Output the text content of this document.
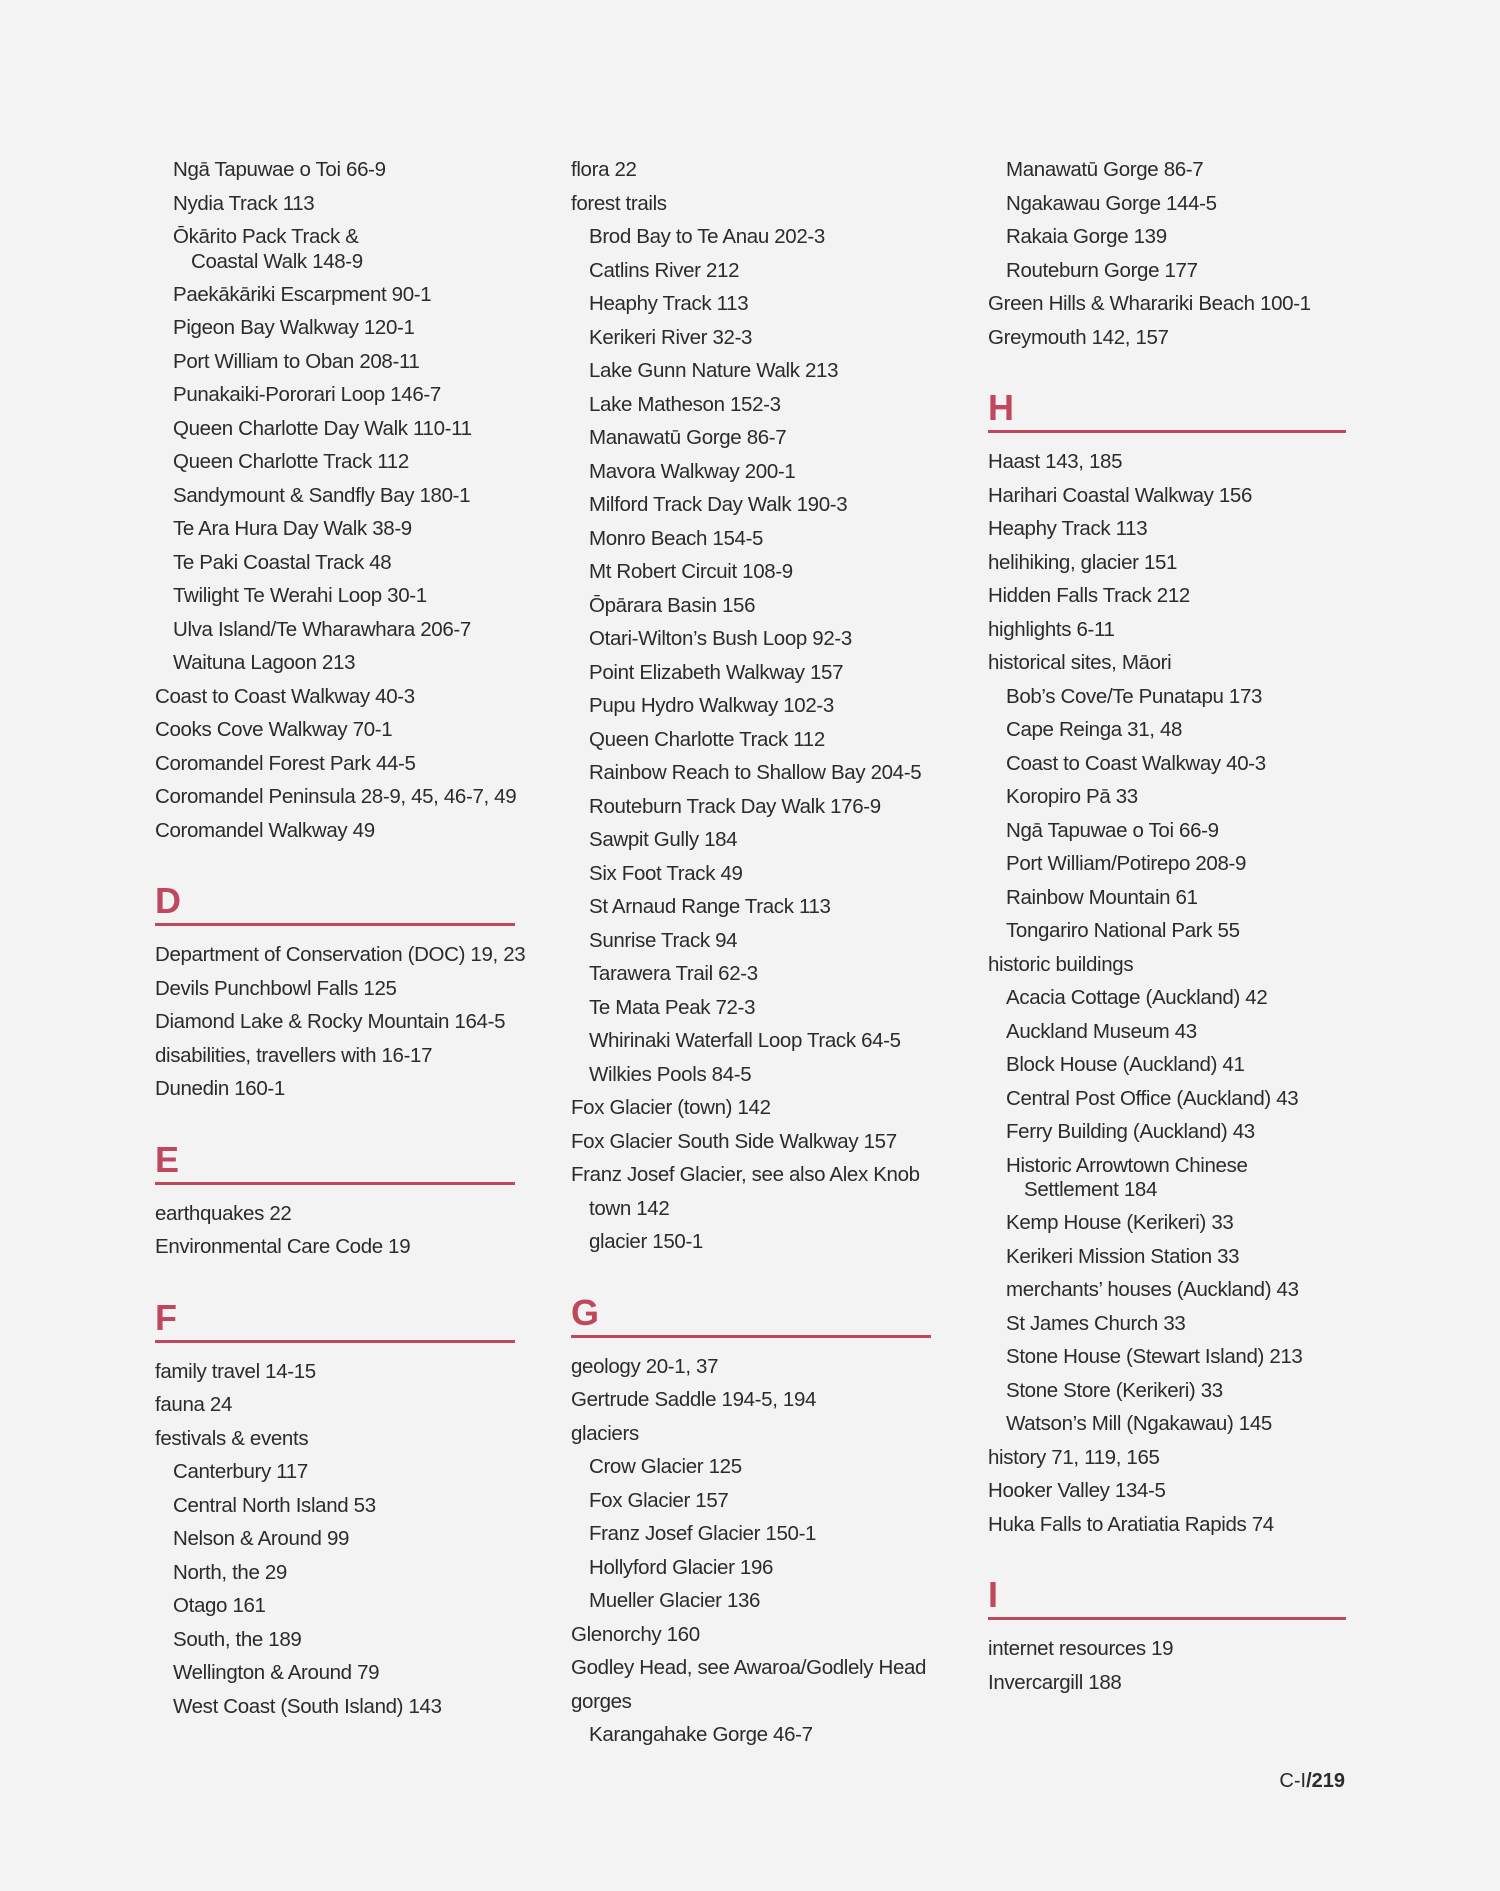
Ngā Tapuwae o Toi 66-9
Nydia Track 113
Ōkārito Pack Track &
Coastal Walk 148-9
Paekākāriki Escarpment 90-1
Pigeon Bay Walkway 120-1
Port William to Oban 208-11
Punakaiki-Pororari Loop 146-7
Queen Charlotte Day Walk 110-11
Queen Charlotte Track 112
Sandymount & Sandfly Bay 180-1
Te Ara Hura Day Walk 38-9
Te Paki Coastal Track 48
Twilight Te Werahi Loop 30-1
Ulva Island/Te Wharawhara 206-7
Waituna Lagoon 213
Coast to Coast Walkway 40-3
Cooks Cove Walkway 70-1
Coromandel Forest Park 44-5
Coromandel Peninsula 28-9, 45, 46-7, 49
Coromandel Walkway 49
D
Department of Conservation (DOC) 19, 23
Devils Punchbowl Falls 125
Diamond Lake & Rocky Mountain 164-5
disabilities, travellers with 16-17
Dunedin 160-1
E
earthquakes 22
Environmental Care Code 19
F
family travel 14-15
fauna 24
festivals & events
Canterbury 117
Central North Island 53
Nelson & Around 99
North, the 29
Otago 161
South, the 189
Wellington & Around 79
West Coast (South Island) 143
flora 22
forest trails
Brod Bay to Te Anau 202-3
Catlins River 212
Heaphy Track 113
Kerikeri River 32-3
Lake Gunn Nature Walk 213
Lake Matheson 152-3
Manawatū Gorge 86-7
Mavora Walkway 200-1
Milford Track Day Walk 190-3
Monro Beach 154-5
Mt Robert Circuit 108-9
Ōpārara Basin 156
Otari-Wilton’s Bush Loop 92-3
Point Elizabeth Walkway 157
Pupu Hydro Walkway 102-3
Queen Charlotte Track 112
Rainbow Reach to Shallow Bay 204-5
Routeburn Track Day Walk 176-9
Sawpit Gully 184
Six Foot Track 49
St Arnaud Range Track 113
Sunrise Track 94
Tarawera Trail 62-3
Te Mata Peak 72-3
Whirinaki Waterfall Loop Track 64-5
Wilkies Pools 84-5
Fox Glacier (town) 142
Fox Glacier South Side Walkway 157
Franz Josef Glacier, see also Alex Knob
town 142
glacier 150-1
G
geology 20-1, 37
Gertrude Saddle 194-5, 194
glaciers
Crow Glacier 125
Fox Glacier 157
Franz Josef Glacier 150-1
Hollyford Glacier 196
Mueller Glacier 136
Glenorchy 160
Godley Head, see Awaroa/Godlely Head
gorges
Karangahake Gorge 46-7
Manawatū Gorge 86-7
Ngakawau Gorge 144-5
Rakaia Gorge 139
Routeburn Gorge 177
Green Hills & Wharariki Beach 100-1
Greymouth 142, 157
H
Haast 143, 185
Harihari Coastal Walkway 156
Heaphy Track 113
helihiking, glacier 151
Hidden Falls Track 212
highlights 6-11
historical sites, Māori
Bob’s Cove/Te Punatapu 173
Cape Reinga 31, 48
Coast to Coast Walkway 40-3
Koropiro Pā 33
Ngā Tapuwae o Toi 66-9
Port William/Potirepo 208-9
Rainbow Mountain 61
Tongariro National Park 55
historic buildings
Acacia Cottage (Auckland) 42
Auckland Museum 43
Block House (Auckland) 41
Central Post Office (Auckland) 43
Ferry Building (Auckland) 43
Historic Arrowtown Chinese
Settlement 184
Kemp House (Kerikeri) 33
Kerikeri Mission Station 33
merchants’ houses (Auckland) 43
St James Church 33
Stone House (Stewart Island) 213
Stone Store (Kerikeri) 33
Watson’s Mill (Ngakawau) 145
history 71, 119, 165
Hooker Valley 134-5
Huka Falls to Aratiatia Rapids 74
I
internet resources 19
Invercargill 188
C-I/219
